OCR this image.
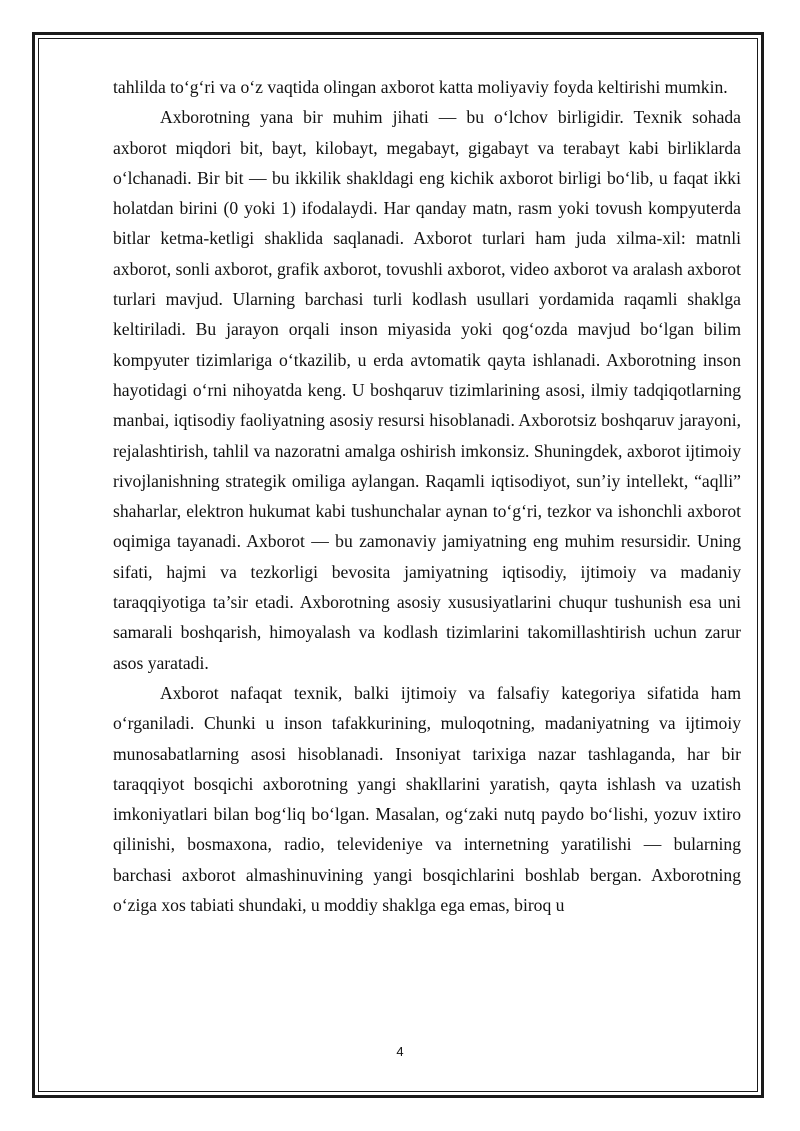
tahlilda to‘g‘ri va o‘z vaqtida olingan axborot katta moliyaviy foyda keltirishi mumkin.

Axborotning yana bir muhim jihati — bu o‘lchov birligidir. Texnik sohada axborot miqdori bit, bayt, kilobayt, megabayt, gigabayt va terabayt kabi birliklarda o‘lchanadi. Bir bit — bu ikkilik shakldagi eng kichik axborot birligi bo‘lib, u faqat ikki holatdan birini (0 yoki 1) ifodalaydi. Har qanday matn, rasm yoki tovush kompyuterda bitlar ketma-ketligi shaklida saqlanadi. Axborot turlari ham juda xilma-xil: matnli axborot, sonli axborot, grafik axborot, tovushli axborot, video axborot va aralash axborot turlari mavjud. Ularning barchasi turli kodlash usullari yordamida raqamli shaklga keltiriladi. Bu jarayon orqali inson miyasida yoki qog‘ozda mavjud bo‘lgan bilim kompyuter tizimlariga o‘tkazilib, u erda avtomatik qayta ishlanadi. Axborotning inson hayotidagi o‘rni nihoyatda keng. U boshqaruv tizimlarining asosi, ilmiy tadqiqotlarning manbai, iqtisodiy faoliyatning asosiy resursi hisoblanadi. Axborotsiz boshqaruv jarayoni, rejalashtirish, tahlil va nazoratni amalga oshirish imkonsiz. Shuningdek, axborot ijtimoiy rivojlanishning strategik omiliga aylangan. Raqamli iqtisodiyot, sun’iy intellekt, “aqlli” shaharlar, elektron hukumat kabi tushunchalar aynan to‘g‘ri, tezkor va ishonchli axborot oqimiga tayanadi. Axborot — bu zamonaviy jamiyatning eng muhim resursidir. Uning sifati, hajmi va tezkorligi bevosita jamiyatning iqtisodiy, ijtimoiy va madaniy taraqqiyotiga ta’sir etadi. Axborotning asosiy xususiyatlarini chuqur tushunish esa uni samarali boshqarish, himoyalash va kodlash tizimlarini takomillashtirish uchun zarur asos yaratadi.

Axborot nafaqat texnik, balki ijtimoiy va falsafiy kategoriya sifatida ham o‘rganiladi. Chunki u inson tafakkurining, muloqotning, madaniyatning va ijtimoiy munosabatlarning asosi hisoblanadi. Insoniyat tarixiga nazar tashlaganda, har bir taraqqiyot bosqichi axborotning yangi shakllarini yaratish, qayta ishlash va uzatish imkoniyatlari bilan bog‘liq bo‘lgan. Masalan, og‘zaki nutq paydo bo‘lishi, yozuv ixtiro qilinishi, bosmaxona, radio, televideniye va internetning yaratilishi — bularning barchasi axborot almashinuvining yangi bosqichlarini boshlab bergan. Axborotning o‘ziga xos tabiati shundaki, u moddiy shaklga ega emas, biroq u

4
